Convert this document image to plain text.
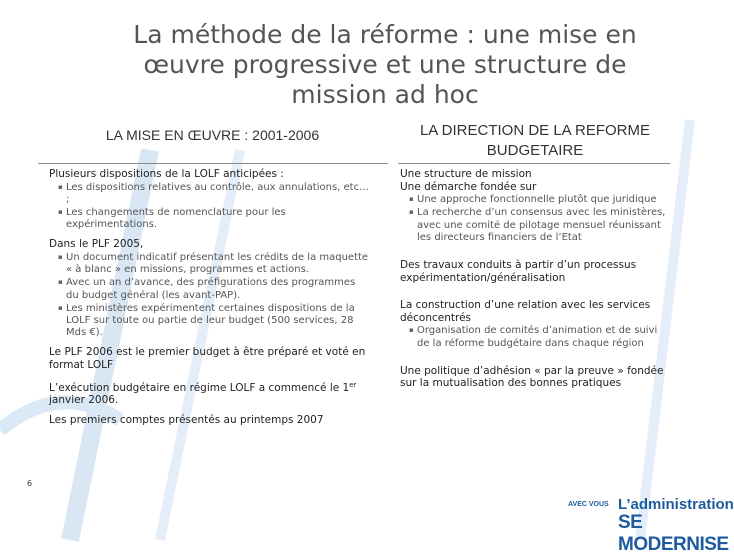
La méthode de la réforme : une mise en
œuvre progressive et une structure de
mission ad hoc
LA MISE EN ŒUVRE : 2001-2006	LA DIRECTION DE LA REFORME BUDGETAIRE
Plusieurs dispositions de la LOLF anticipées :
▪ Les dispositions relatives au contrôle, aux annulations, etc… ;
▪ Les changements de nomenclature pour les expérimentations.
Dans le PLF 2005,
▪ Un document indicatif présentant les crédits de la maquette « à blanc » en missions, programmes et actions.
▪ Avec un an d’avance, des préfigurations des programmes du budget général (les avant-PAP).
▪ Les ministères expérimentent certaines dispositions de la LOLF sur toute ou partie de leur budget (500 services, 28 Mds €).
Le PLF 2006 est le premier budget à être préparé et voté en format LOLF
L’exécution budgétaire en régime LOLF a commencé le 1er janvier 2006.
Les premiers comptes présentés au printemps 2007
Une structure de mission
Une démarche fondée sur
▪ Une approche fonctionnelle plutôt que juridique
▪ La recherche d’un consensus avec les ministères, avec une comité de pilotage mensuel réunissant les directeurs financiers de l’Etat
Des travaux conduits à partir d’un processus expérimentation/généralisation
La construction d’une relation avec les services déconcentrés
▪ Organisation de comités d’animation et de suivi de la réforme budgétaire dans chaque région
Une politique d’adhésion « par la preuve » fondée sur la mutualisation des bonnes pratiques
6
AVEC VOUS L’administration
SE MODERNISE
